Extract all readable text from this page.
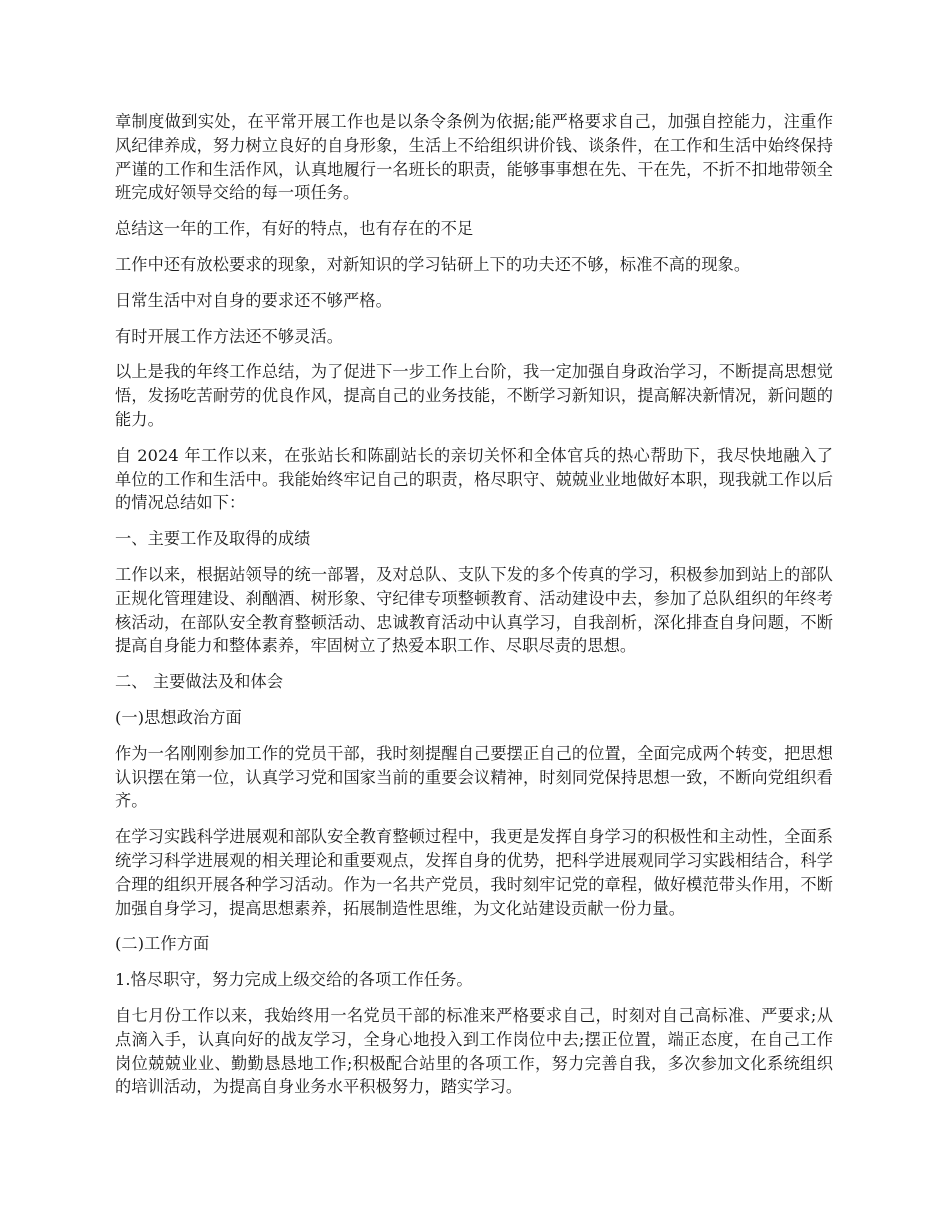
章制度做到实处，在平常开展工作也是以条令条例为依据;能严格要求自己，加强自控能力，注重作风纪律养成，努力树立良好的自身形象，生活上不给组织讲价钱、谈条件，在工作和生活中始终保持严谨的工作和生活作风，认真地履行一名班长的职责，能够事事想在先、干在先，不折不扣地带领全班完成好领导交给的每一项任务。

总结这一年的工作，有好的特点，也有存在的不足

工作中还有放松要求的现象，对新知识的学习钻研上下的功夫还不够，标准不高的现象。

日常生活中对自身的要求还不够严格。

有时开展工作方法还不够灵活。

以上是我的年终工作总结，为了促进下一步工作上台阶，我一定加强自身政治学习，不断提高思想觉悟，发扬吃苦耐劳的优良作风，提高自己的业务技能，不断学习新知识，提高解决新情况，新问题的能力。

自 2024 年工作以来，在张站长和陈副站长的亲切关怀和全体官兵的热心帮助下，我尽快地融入了单位的工作和生活中。我能始终牢记自己的职责，格尽职守、兢兢业业地做好本职，现我就工作以后的情况总结如下：

一、主要工作及取得的成绩

工作以来，根据站领导的统一部署，及对总队、支队下发的多个传真的学习，积极参加到站上的部队正规化管理建设、刹酗酒、树形象、守纪律专项整顿教育、活动建设中去，参加了总队组织的年终考核活动，在部队安全教育整顿活动、忠诚教育活动中认真学习，自我剖析，深化排查自身问题，不断提高自身能力和整体素养，牢固树立了热爱本职工作、尽职尽责的思想。

二、 主要做法及和体会

(一)思想政治方面

作为一名刚刚参加工作的党员干部，我时刻提醒自己要摆正自己的位置，全面完成两个转变，把思想认识摆在第一位，认真学习党和国家当前的重要会议精神，时刻同党保持思想一致，不断向党组织看齐。

在学习实践科学进展观和部队安全教育整顿过程中，我更是发挥自身学习的积极性和主动性，全面系统学习科学进展观的相关理论和重要观点，发挥自身的优势，把科学进展观同学习实践相结合，科学合理的组织开展各种学习活动。作为一名共产党员，我时刻牢记党的章程，做好模范带头作用，不断加强自身学习，提高思想素养，拓展制造性思维，为文化站建设贡献一份力量。

(二)工作方面

1.恪尽职守，努力完成上级交给的各项工作任务。

自七月份工作以来，我始终用一名党员干部的标准来严格要求自己，时刻对自己高标准、严要求;从点滴入手，认真向好的战友学习，全身心地投入到工作岗位中去;摆正位置，端正态度，在自己工作岗位兢兢业业、勤勤恳恳地工作;积极配合站里的各项工作，努力完善自我，多次参加文化系统组织的培训活动，为提高自身业务水平积极努力，踏实学习。
